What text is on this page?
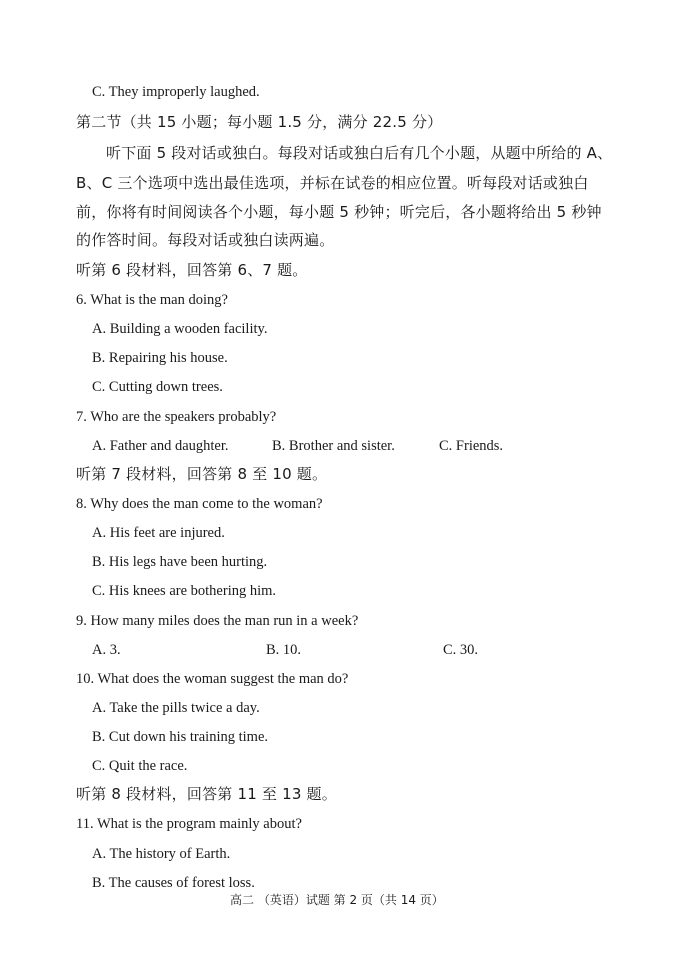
C. They improperly laughed.
第二节（共 15 小题；每小题 1.5 分，满分 22.5 分）
听下面 5 段对话或独白。每段对话或独白后有几个小题，从题中所给的 A、
B、C 三个选项中选出最佳选项，并标在试卷的相应位置。听每段对话或独白
前，你将有时间阅读各个小题，每小题 5 秒钟；听完后，各小题将给出 5 秒钟
的作答时间。每段对话或独白读两遍。
听第 6 段材料，回答第 6、7 题。
6. What is the man doing?
A. Building a wooden facility.
B. Repairing his house.
C. Cutting down trees.
7. Who are the speakers probably?
A. Father and daughter.	B. Brother and sister.	C. Friends.
听第 7 段材料，回答第 8 至 10 题。
8. Why does the man come to the woman?
A. His feet are injured.
B. His legs have been hurting.
C. His knees are bothering him.
9. How many miles does the man run in a week?
A. 3.	B. 10.	C. 30.
10. What does the woman suggest the man do?
A. Take the pills twice a day.
B. Cut down his training time.
C. Quit the race.
听第 8 段材料，回答第 11 至 13 题。
11. What is the program mainly about?
A. The history of Earth.
B. The causes of forest loss.
高二 （英语）试题 第 2 页（共 14 页）
